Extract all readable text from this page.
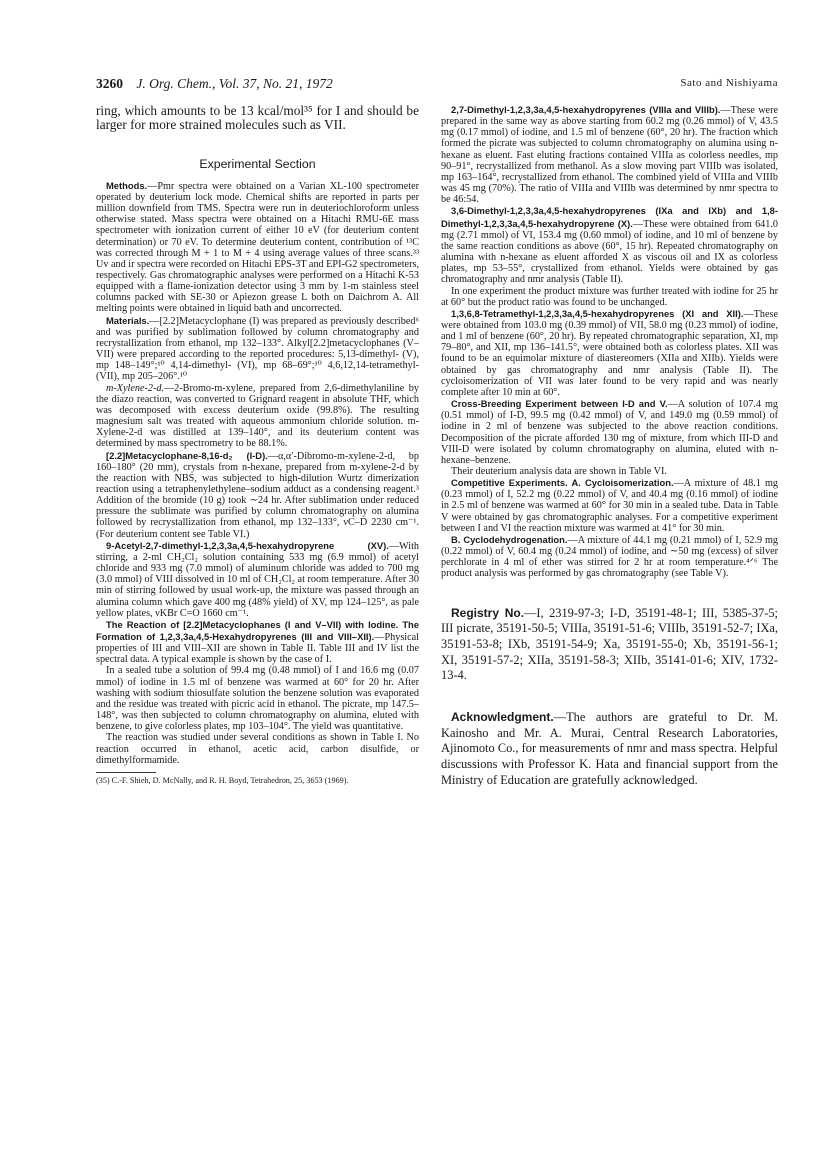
3260 J. Org. Chem., Vol. 37, No. 21, 1972	Sato and Nishiyama

ring, which amounts to be 13 kcal/mol³⁵ for I and should be larger for more strained molecules such as VII.

Experimental Section

Methods.—Pmr spectra were obtained on a Varian XL-100 spectrometer operated by deuterium lock mode. Chemical shifts are reported in parts per million downfield from TMS. Spectra were run in deuteriochloroform unless otherwise stated. Mass spectra were obtained on a Hitachi RMU-6E mass spectrometer with ionization current of either 10 eV (for deuterium content determination) or 70 eV. To determine deuterium content, contribution of ¹³C was corrected through M + 1 to M + 4 using average values of three scans.³³ Uv and ir spectra were recorded on Hitachi EPS-3T and EPI-G2 spectrometers, respectively. Gas chromatographic analyses were performed on a Hitachi K-53 equipped with a flame-ionization detector using 3 mm by 1-m stainless steel columns packed with SE-30 or Apiezon grease L both on Daichrom A. All melting points were obtained in liquid bath and uncorrected.

Materials.—[2.2]Metacyclophane (I) was prepared as previously described⁶ and was purified by sublimation followed by column chromatography and recrystallization from ethanol, mp 132–133°. Alkyl[2.2]metacyclophanes (V–VII) were prepared according to the reported procedures: 5,13-dimethyl- (V), mp 148–149°;¹⁰ 4,14-dimethyl- (VI), mp 68–69°;¹⁰ 4,6,12,14-tetramethyl- (VII), mp 205–206°.¹⁰

m-Xylene-2-d.—2-Bromo-m-xylene, prepared from 2,6-dimethylaniline by the diazo reaction, was converted to Grignard reagent in absolute THF, which was decomposed with excess deuterium oxide (99.8%). The resulting magnesium salt was treated with aqueous ammonium chloride solution. m-Xylene-2-d was distilled at 139–140°, and its deuterium content was determined by mass spectrometry to be 88.1%.

[2.2]Metacyclophane-8,16-d₂ (I-D).—α,α′-Dibromo-m-xylene-2-d, bp 160–180° (20 mm), crystals from n-hexane, prepared from m-xylene-2-d by the reaction with NBS, was subjected to high-dilution Wurtz dimerization reaction using a tetraphenylethylene–sodium adduct as a condensing reagent.³ Addition of the bromide (10 g) took ∼24 hr. After sublimation under reduced pressure the sublimate was purified by column chromatography on alumina followed by recrystallization from ethanol, mp 132–133°, νC–D 2230 cm⁻¹. (For deuterium content see Table VI.)

9-Acetyl-2,7-dimethyl-1,2,3,3a,4,5-hexahydropyrene (XV).—With stirring, a 2-ml CH₂Cl₂ solution containing 533 mg (6.9 mmol) of acetyl chloride and 933 mg (7.0 mmol) of aluminum chloride was added to 700 mg (3.0 mmol) of VIII dissolved in 10 ml of CH₂Cl₂ at room temperature. After 30 min of stirring followed by usual work-up, the mixture was passed through an alumina column which gave 400 mg (48% yield) of XV, mp 124–125°, as pale yellow plates, νKBr C=O 1660 cm⁻¹.

The Reaction of [2.2]Metacyclophanes (I and V–VII) with Iodine. The Formation of 1,2,3,3a,4,5-Hexahydropyrenes (III and VIII–XII).—Physical properties of III and VIII–XII are shown in Table II. Table III and IV list the spectral data. A typical example is shown by the case of I.

In a sealed tube a solution of 99.4 mg (0.48 mmol) of I and 16.6 mg (0.07 mmol) of iodine in 1.5 ml of benzene was warmed at 60° for 20 hr. After washing with sodium thiosulfate solution the benzene solution was evaporated and the residue was treated with picric acid in ethanol. The picrate, mp 147.5–148°, was then subjected to column chromatography on alumina, eluted with benzene, to give colorless plates, mp 103–104°. The yield was quantitative.

The reaction was studied under several conditions as shown in Table I. No reaction occurred in ethanol, acetic acid, carbon disulfide, or dimethylformamide.

(35) C.-F. Shieh, D. McNally, and R. H. Boyd, Tetrahedron, 25, 3653 (1969).

2,7-Dimethyl-1,2,3,3a,4,5-hexahydropyrenes (VIIIa and VIIIb).—These were prepared in the same way as above starting from 60.2 mg (0.26 mmol) of V, 43.5 mg (0.17 mmol) of iodine, and 1.5 ml of benzene (60°, 20 hr). The fraction which formed the picrate was subjected to column chromatography on alumina using n-hexane as eluent. Fast eluting fractions contained VIIIa as colorless needles, mp 90–91°, recrystallized from methanol. As a slow moving part VIIIb was isolated, mp 163–164°, recrystallized from ethanol. The combined yield of VIIIa and VIIIb was 45 mg (70%). The ratio of VIIIa and VIIIb was determined by nmr spectra to be 46:54.

3,6-Dimethyl-1,2,3,3a,4,5-hexahydropyrenes (IXa and IXb) and 1,8-Dimethyl-1,2,3,3a,4,5-hexahydropyrene (X).—These were obtained from 641.0 mg (2.71 mmol) of VI, 153.4 mg (0.60 mmol) of iodine, and 10 ml of benzene by the same reaction conditions as above (60°, 15 hr). Repeated chromatography on alumina with n-hexane as eluent afforded X as viscous oil and IX as colorless plates, mp 53–55°, crystallized from ethanol. Yields were obtained by gas chromatography and nmr analysis (Table II).

In one experiment the product mixture was further treated with iodine for 25 hr at 60° but the product ratio was found to be unchanged.

1,3,6,8-Tetramethyl-1,2,3,3a,4,5-hexahydropyrenes (XI and XII).—These were obtained from 103.0 mg (0.39 mmol) of VII, 58.0 mg (0.23 mmol) of iodine, and 1 ml of benzene (60°, 20 hr). By repeated chromatographic separation, XI, mp 79–80°, and XII, mp 136–141.5°, were obtained both as colorless plates. XII was found to be an equimolar mixture of diastereomers (XIIa and XIIb). Yields were obtained by gas chromatography and nmr analysis (Table II). The cycloisomerization of VII was later found to be very rapid and was nearly complete after 10 min at 60°.

Cross-Breeding Experiment between I-D and V.—A solution of 107.4 mg (0.51 mmol) of I-D, 99.5 mg (0.42 mmol) of V, and 149.0 mg (0.59 mmol) of iodine in 2 ml of benzene was subjected to the above reaction conditions. Decomposition of the picrate afforded 130 mg of mixture, from which III-D and VIII-D were isolated by column chromatography on alumina, eluted with n-hexane–benzene.

Their deuterium analysis data are shown in Table VI.

Competitive Experiments. A. Cycloisomerization.—A mixture of 48.1 mg (0.23 mmol) of I, 52.2 mg (0.22 mmol) of V, and 40.4 mg (0.16 mmol) of iodine in 2.5 ml of benzene was warmed at 60° for 30 min in a sealed tube. Data in Table V were obtained by gas chromatographic analyses. For a competitive experiment between I and VI the reaction mixture was warmed at 41° for 30 min.

B. Cyclodehydrogenation.—A mixture of 44.1 mg (0.21 mmol) of I, 52.9 mg (0.22 mmol) of V, 60.4 mg (0.24 mmol) of iodine, and ∼50 mg (excess) of silver perchlorate in 4 ml of ether was stirred for 2 hr at room temperature.⁴ᐟ⁶ The product analysis was performed by gas chromatography (see Table V).

Registry No.—I, 2319-97-3; I-D, 35191-48-1; III, 5385-37-5; III picrate, 35191-50-5; VIIIa, 35191-51-6; VIIIb, 35191-52-7; IXa, 35191-53-8; IXb, 35191-54-9; Xa, 35191-55-0; Xb, 35191-56-1; XI, 35191-57-2; XIIa, 35191-58-3; XIIb, 35141-01-6; XIV, 1732-13-4.

Acknowledgment.—The authors are grateful to Dr. M. Kainosho and Mr. A. Murai, Central Research Laboratories, Ajinomoto Co., for measurements of nmr and mass spectra. Helpful discussions with Professor K. Hata and financial support from the Ministry of Education are gratefully acknowledged.
